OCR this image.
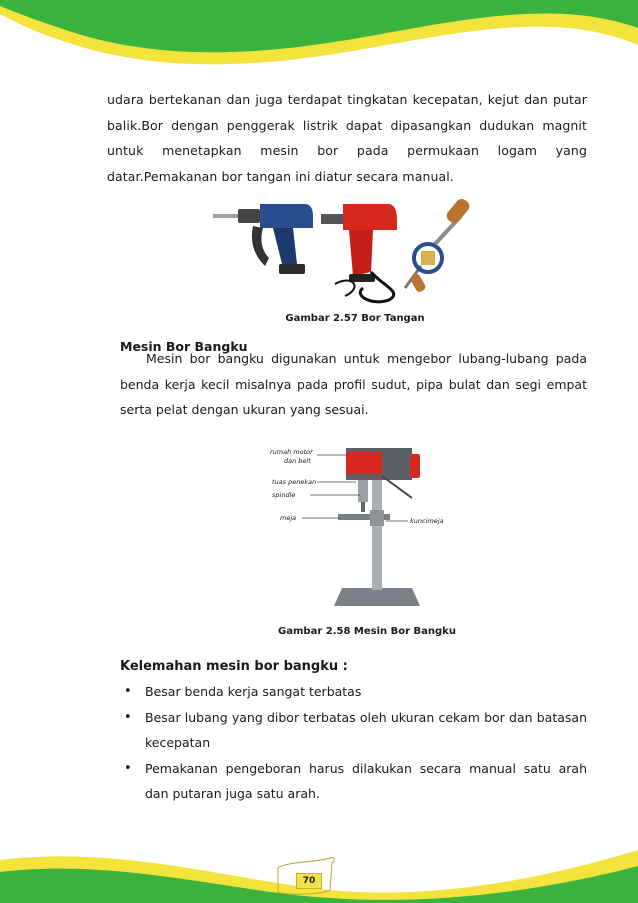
udara bertekanan dan juga terdapat tingkatan kecepatan, kejut dan putar balik.Bor dengan penggerak listrik dapat dipasangkan dudukan magnit untuk menetapkan mesin bor pada permukaan logam yang datar.Pemakanan bor tangan ini diatur secara manual.
Gambar 2.57 Bor Tangan
Mesin Bor Bangku
Mesin bor bangku digunakan untuk mengebor lubang-lubang pada benda kerja kecil misalnya pada profil sudut, pipa bulat dan segi empat serta pelat dengan ukuran yang sesuai.
rumah motor
dan belt
tuas penekan
spindle
meja	kuncimeja
Gambar 2.58 Mesin Bor Bangku
Kelemahan mesin bor bangku :
• Besar benda kerja sangat terbatas
• Besar lubang yang dibor terbatas oleh ukuran cekam bor dan batasan kecepatan
• Pemakanan pengeboran harus dilakukan secara manual satu arah dan putaran juga satu arah.
70
